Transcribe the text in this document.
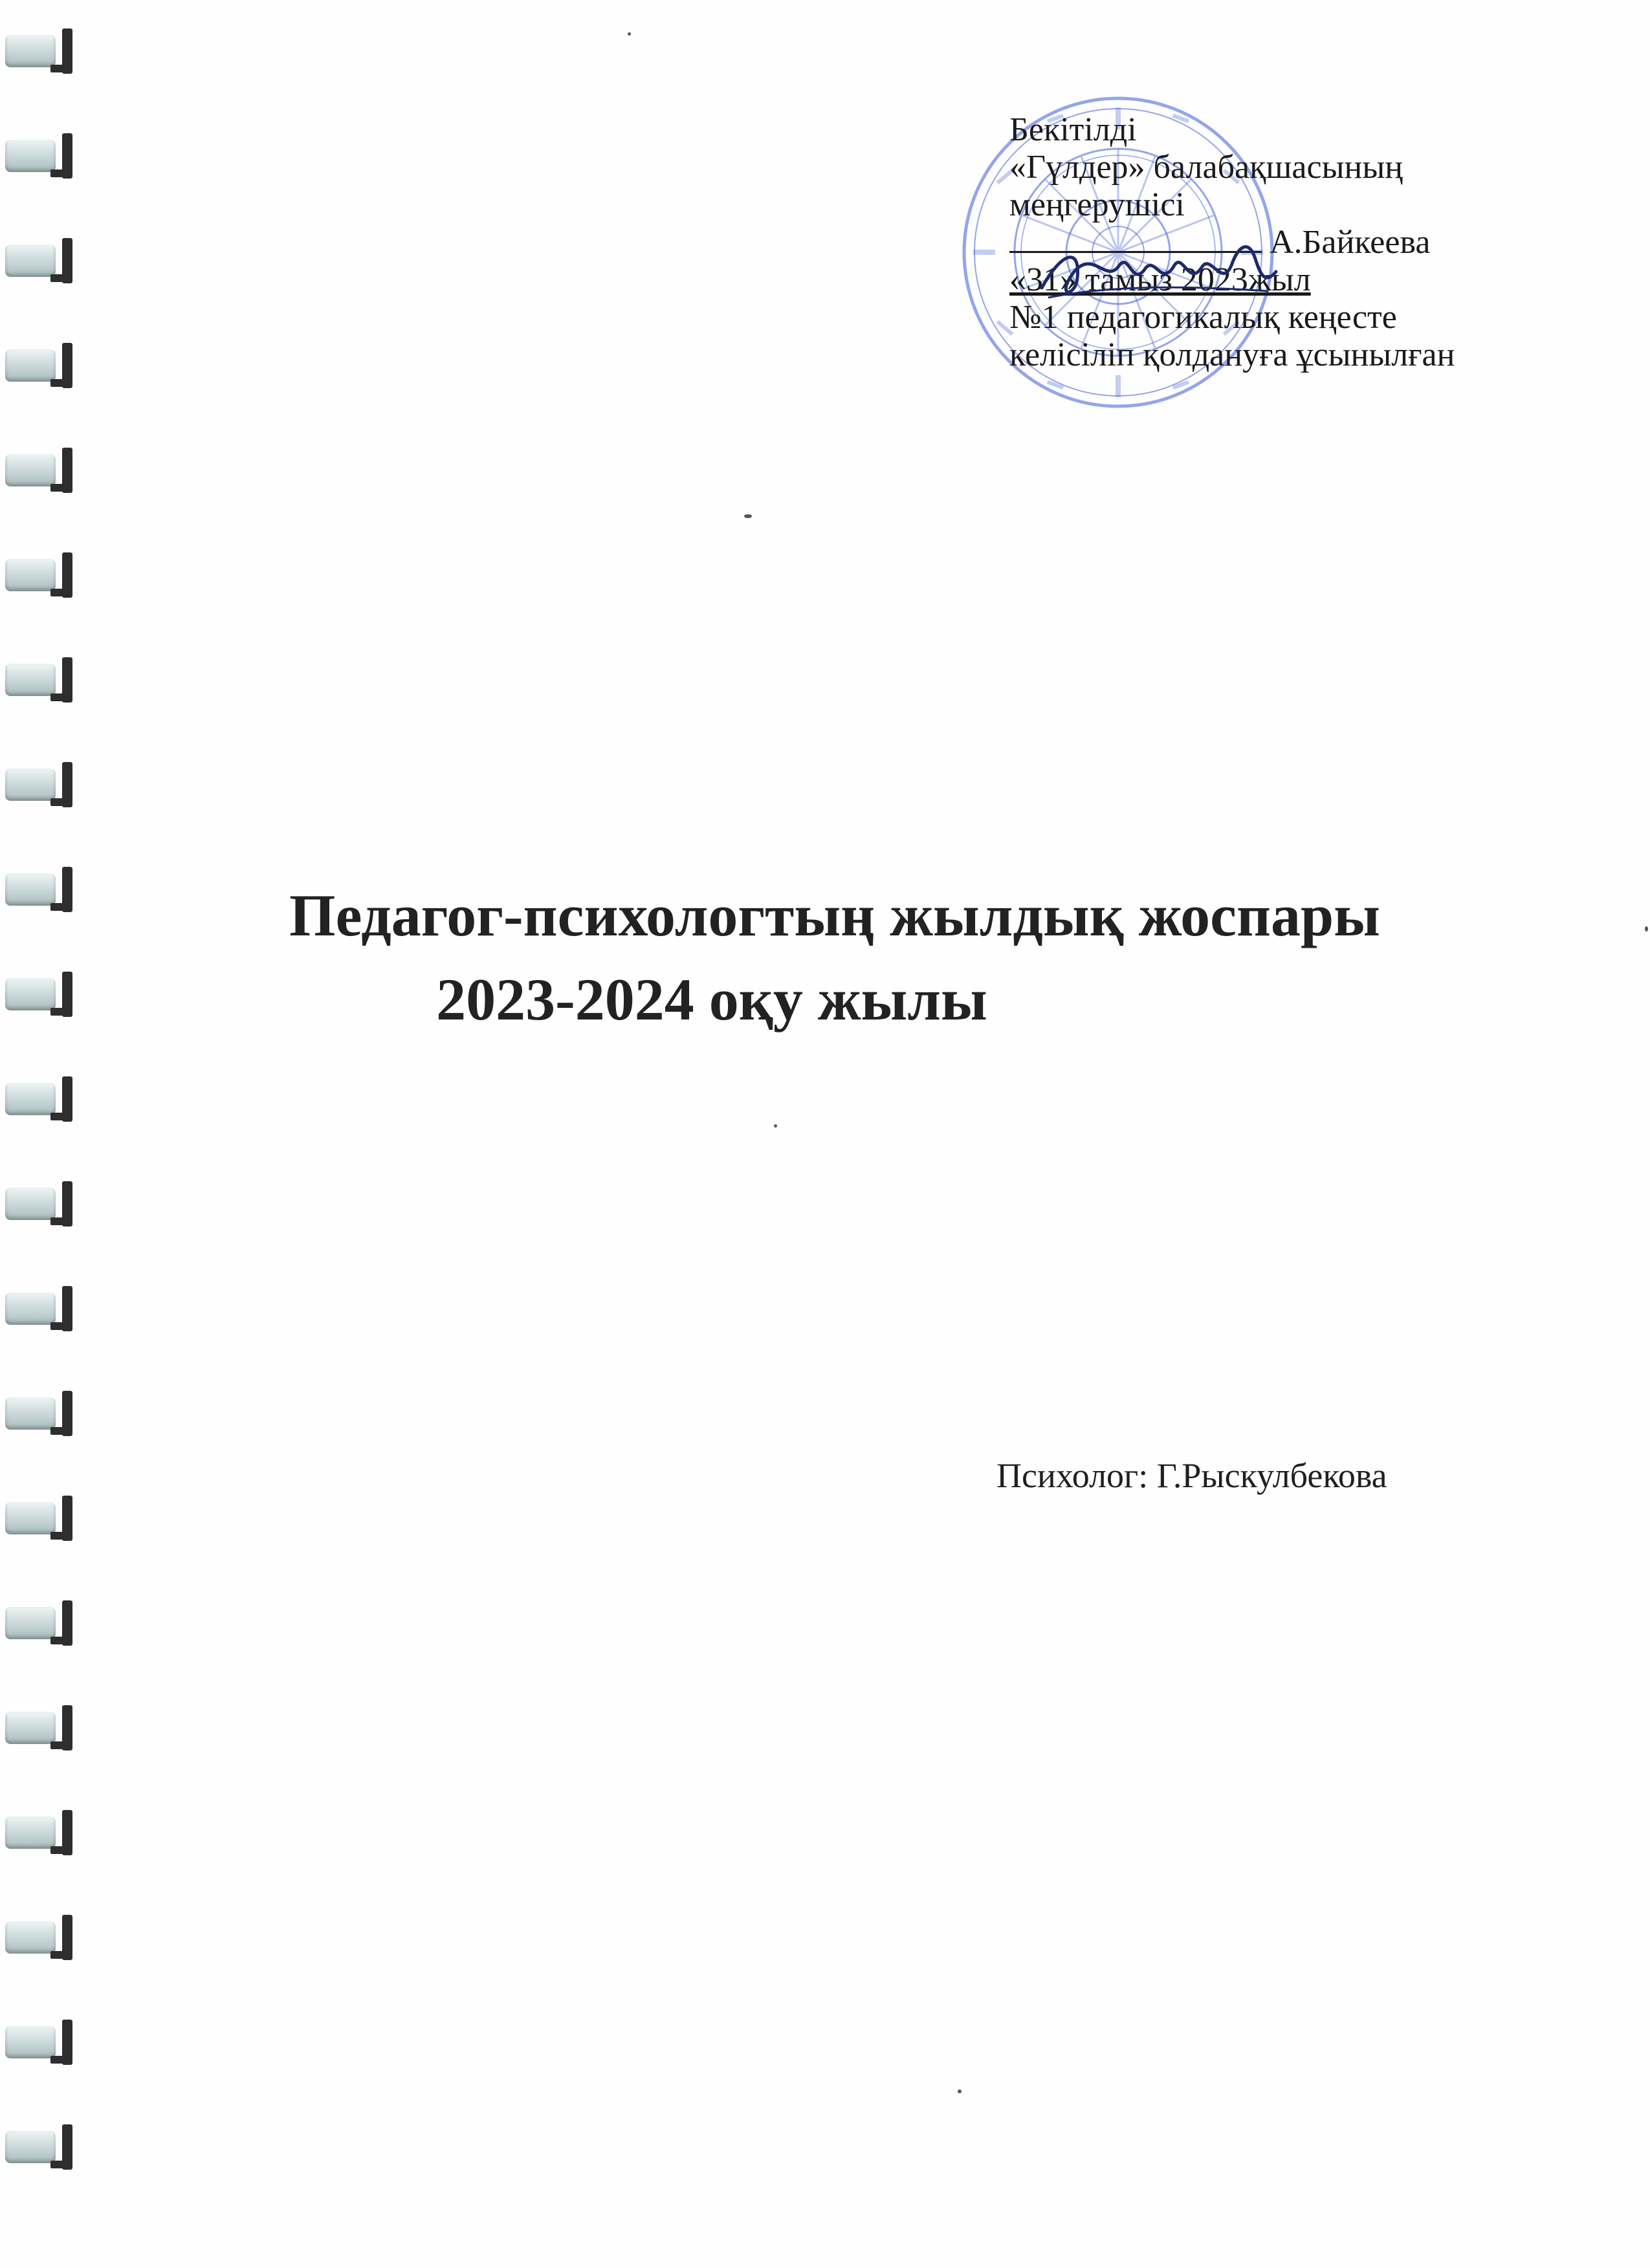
Бекітілді
«Гүлдер» балабақшасының
меңгерушісі
А.Байкеева
«31» тамыз 2023жыл
№1 педагогикалық кеңесте
келісіліп қолдануға ұсынылған
Педагог-психологтың жылдық жоспары
2023-2024 оқу жылы
Психолог: Г.Рыскулбекова
